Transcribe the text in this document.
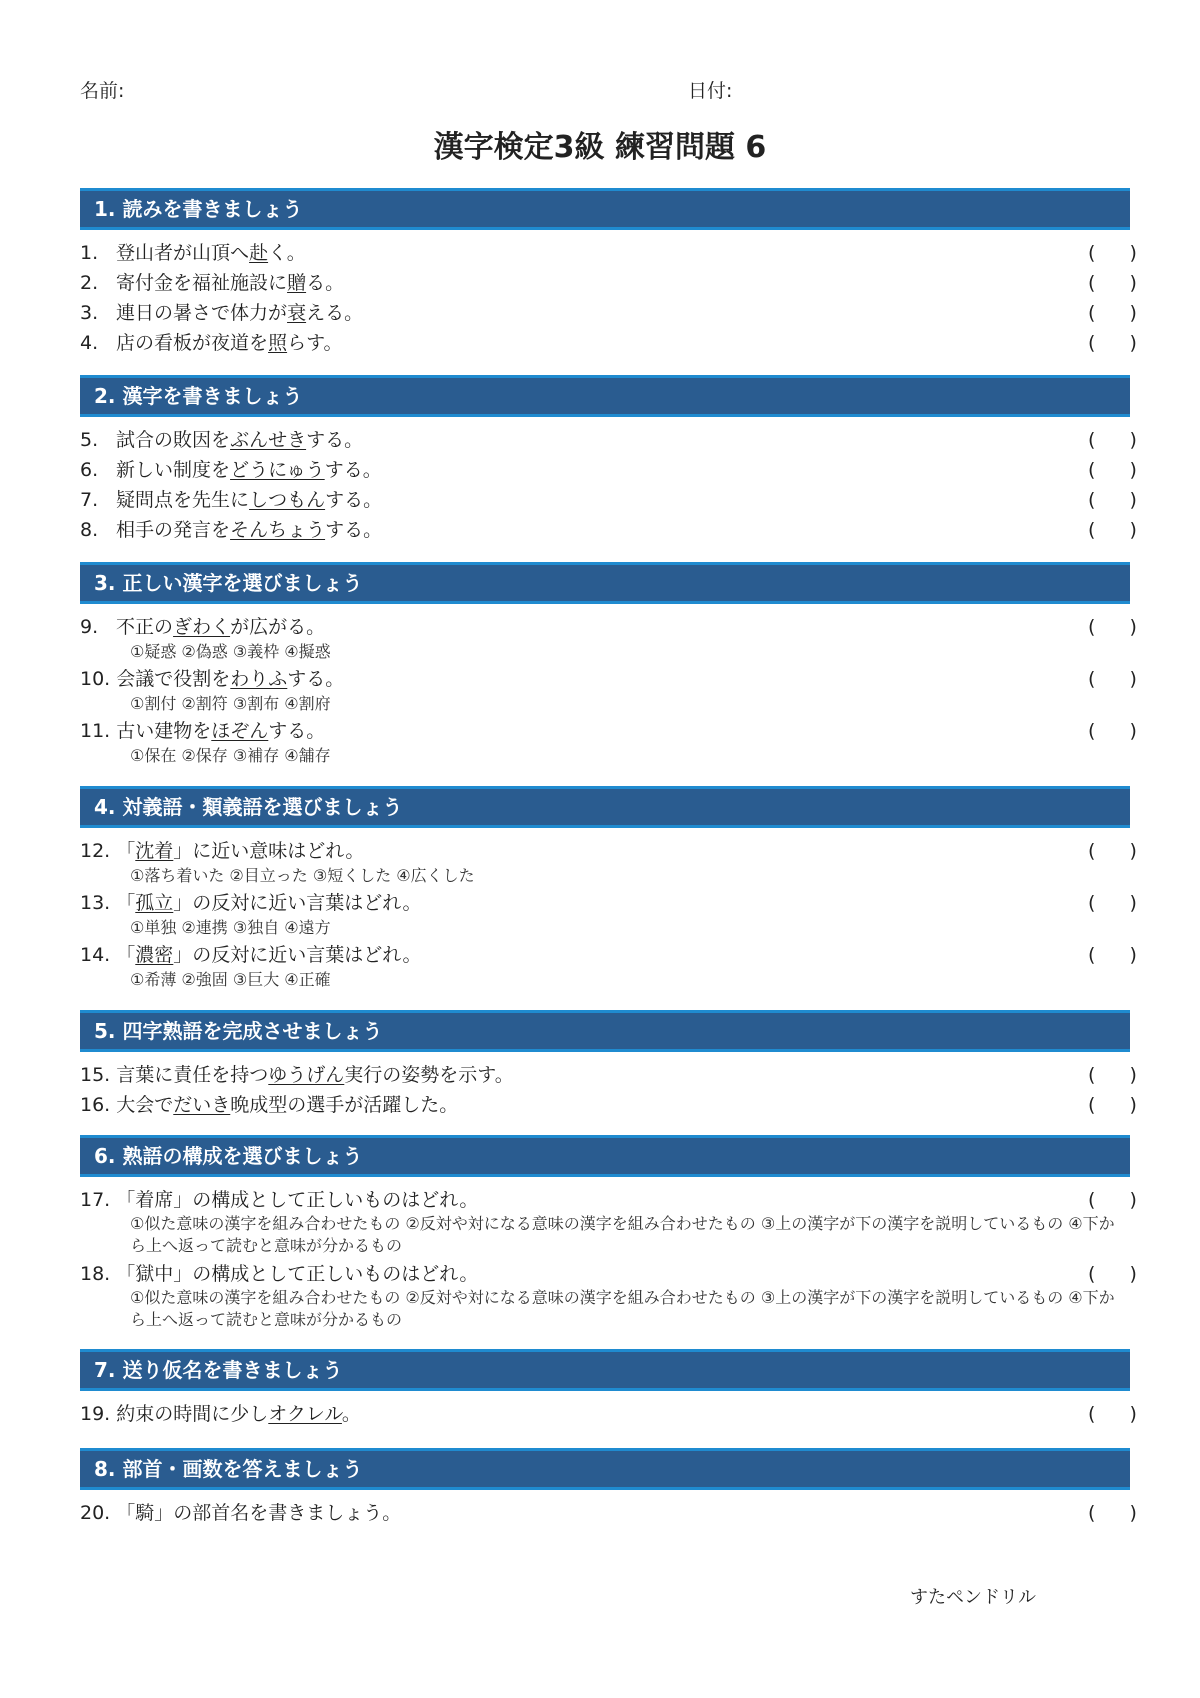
名前:	日付:
漢字検定3級 練習問題 6
1. 読みを書きましょう
2. 漢字を書きましょう
3. 正しい漢字を選びましょう
4. 対義語・類義語を選びましょう
5. 四字熟語を完成させましょう
6. 熟語の構成を選びましょう
7. 送り仮名を書きましょう
8. 部首・画数を答えましょう
1. 登山者が山頂へ赴く。	( )
2. 寄付金を福祉施設に贈る。	( )
3. 連日の暑さで体力が衰える。	( )
4. 店の看板が夜道を照らす。	( )
5. 試合の敗因をぶんせきする。	( )
6. 新しい制度をどうにゅうする。	( )
7. 疑問点を先生にしつもんする。	( )
8. 相手の発言をそんちょうする。	( )
9. 不正のぎわくが広がる。	( )
①疑惑 ②偽惑 ③義枠 ④擬惑
10. 会議で役割をわりふする。	( )
①割付 ②割符 ③割布 ④割府
11. 古い建物をほぞんする。	( )
①保在 ②保存 ③補存 ④舗存
12. 「沈着」に近い意味はどれ。	( )
①落ち着いた ②目立った ③短くした ④広くした
13. 「孤立」の反対に近い言葉はどれ。	( )
①単独 ②連携 ③独自 ④遠方
14. 「濃密」の反対に近い言葉はどれ。	( )
①希薄 ②強固 ③巨大 ④正確
15. 言葉に責任を持つゆうげん実行の姿勢を示す。	( )
16. 大会でだいき晩成型の選手が活躍した。	( )
17. 「着席」の構成として正しいものはどれ。	( )
①似た意味の漢字を組み合わせたもの ②反対や対になる意味の漢字を組み合わせたもの ③上の漢字が下の漢字を説明しているもの ④下から上へ返って読むと意味が分かるもの
18. 「獄中」の構成として正しいものはどれ。	( )
①似た意味の漢字を組み合わせたもの ②反対や対になる意味の漢字を組み合わせたもの ③上の漢字が下の漢字を説明しているもの ④下から上へ返って読むと意味が分かるもの
19. 約束の時間に少しオクレル。	( )
20. 「騎」の部首名を書きましょう。	( )
すたペンドリル
